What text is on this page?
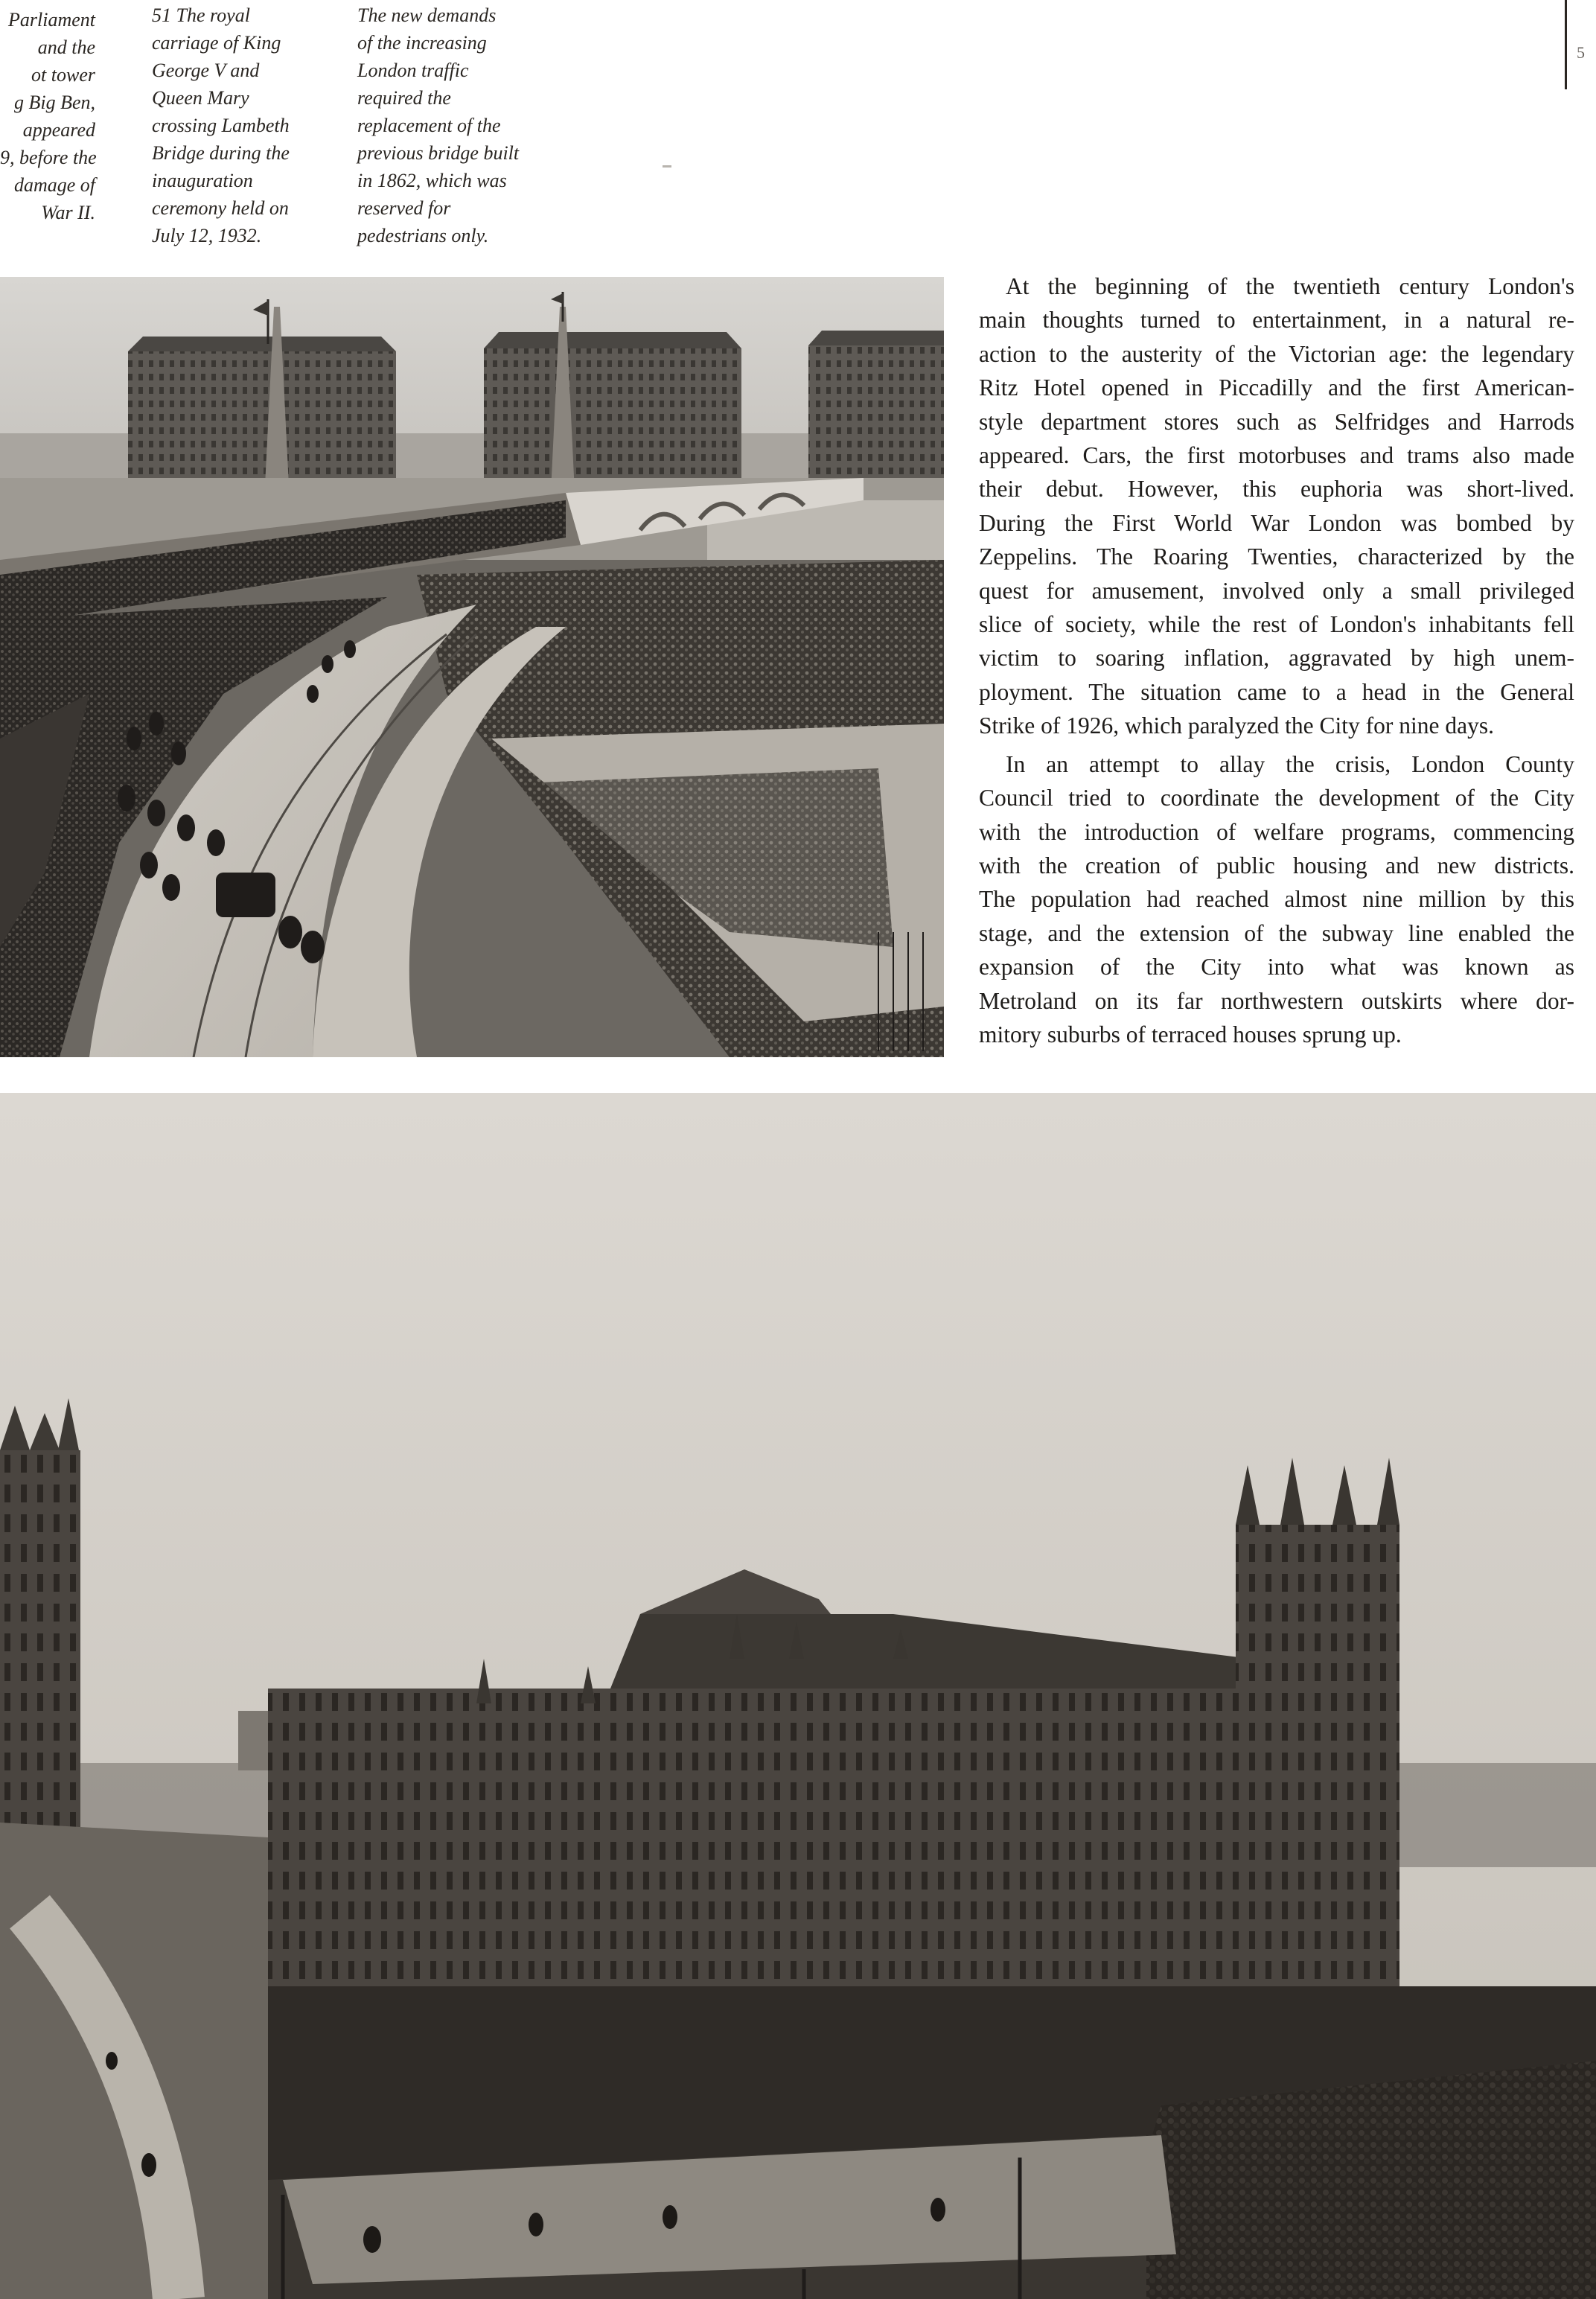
Parliament
and the
ot tower
g Big Ben,
appeared
9, before the
damage of
War II.
51 The royal
carriage of King
George V and
Queen Mary
crossing Lambeth
Bridge during the
inauguration
ceremony held on
July 12, 1932.
The new demands
of the increasing
London traffic
required the
replacement of the
previous bridge built
in 1862, which was
reserved for
pedestrians only.
5

At the beginning of the twentieth century London's
main thoughts turned to entertainment, in a natural re-
action to the austerity of the Victorian age: the legendary
Ritz Hotel opened in Piccadilly and the first American-
style department stores such as Selfridges and Harrods
appeared. Cars, the first motorbuses and trams also made
their debut. However, this euphoria was short-lived.
During the First World War London was bombed by
Zeppelins. The Roaring Twenties, characterized by the
quest for amusement, involved only a small privileged
slice of society, while the rest of London's inhabitants fell
victim to soaring inflation, aggravated by high unem-
ployment. The situation came to a head in the General
Strike of 1926, which paralyzed the City for nine days.

In an attempt to allay the crisis, London County
Council tried to coordinate the development of the City
with the introduction of welfare programs, commencing
with the creation of public housing and new districts.
The population had reached almost nine million by this
stage, and the extension of the subway line enabled the
expansion of the City into what was known as
Metroland on its far northwestern outskirts where dor-
mitory suburbs of terraced houses sprung up.
